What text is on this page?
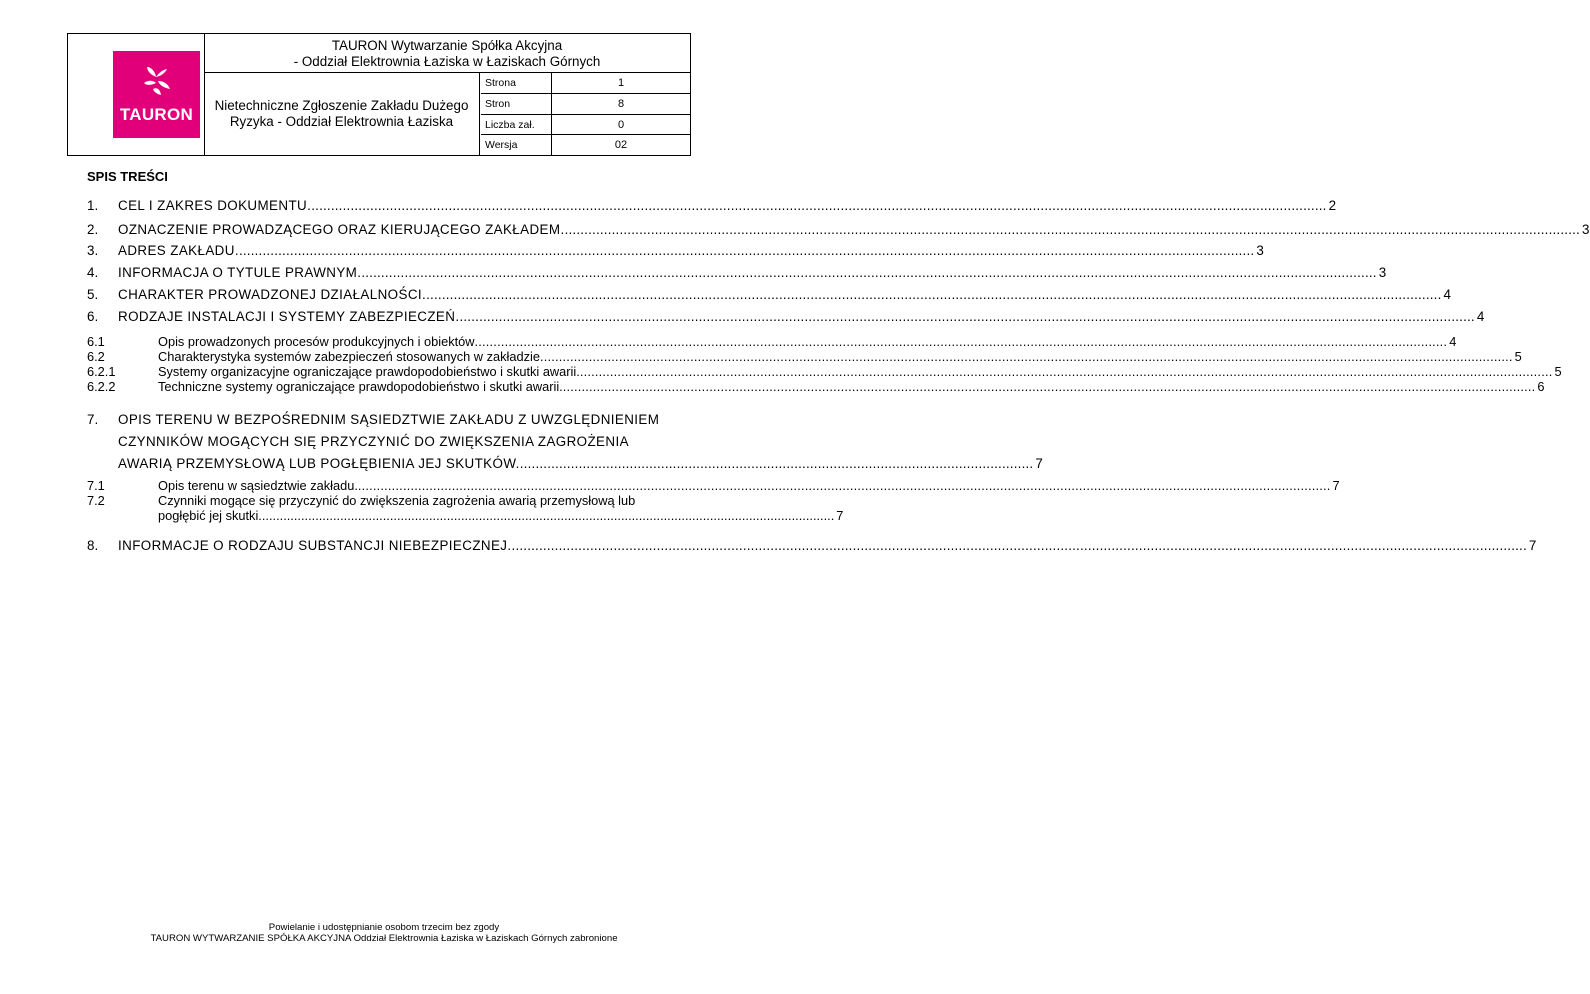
TAURON
TAURON Wytwarzanie Spółka Akcyjna
- Oddział Elektrownia Łaziska w Łaziskach Górnych
Nietechniczne Zgłoszenie Zakładu Dużego
Ryzyka - Oddział Elektrownia Łaziska
Strona	1
Stron	8
Liczba zał.	0
Wersja	02
SPIS TREŚCI
1.	CEL I ZAKRES DOKUMENTU. .....	2
2.	OZNACZENIE PROWADZĄCEGO ORAZ KIERUJĄCEGO ZAKŁADEM. .....	3
3.	ADRES ZAKŁADU. .....	3
4.	INFORMACJA O TYTULE PRAWNYM. .....	3
5.	CHARAKTER PROWADZONEJ DZIAŁALNOŚCI. .....	4
6.	RODZAJE INSTALACJI I SYSTEMY ZABEZPIECZEŃ. .....	4
6.1	Opis prowadzonych procesów produkcyjnych i obiektów .....	4
6.2	Charakterystyka systemów zabezpieczeń stosowanych w zakładzie .....	5
6.2.1	Systemy organizacyjne ograniczające prawdopodobieństwo i skutki awarii. .....	5
6.2.2	Techniczne systemy ograniczające prawdopodobieństwo i skutki awarii. .....	6
7. OPIS TERENU W BEZPOŚREDNIM SĄSIEDZTWIE ZAKŁADU Z UWZGLĘDNIENIEM
CZYNNIKÓW MOGĄCYCH SIĘ PRZYCZYNIĆ DO ZWIĘKSZENIA ZAGROŻENIA
AWARIĄ PRZEMYSŁOWĄ LUB POGŁĘBIENIA JEJ SKUTKÓW. ................................................................................................................................... 7
7.1	Opis terenu w sąsiedztwie zakładu. .....	7
7.2	Czynniki mogące się przyczynić do zwiększenia zagrożenia awarią przemysłową lub
pogłębić jej skutki. ................................................................................................................................................................. 7
8.	INFORMACJE O RODZAJU SUBSTANCJI NIEBEZPIECZNEJ. .....	7
Powielanie i udostępnianie osobom trzecim bez zgody
TAURON WYTWARZANIE SPÓŁKA AKCYJNA Oddział Elektrownia Łaziska w Łaziskach Górnych zabronione
